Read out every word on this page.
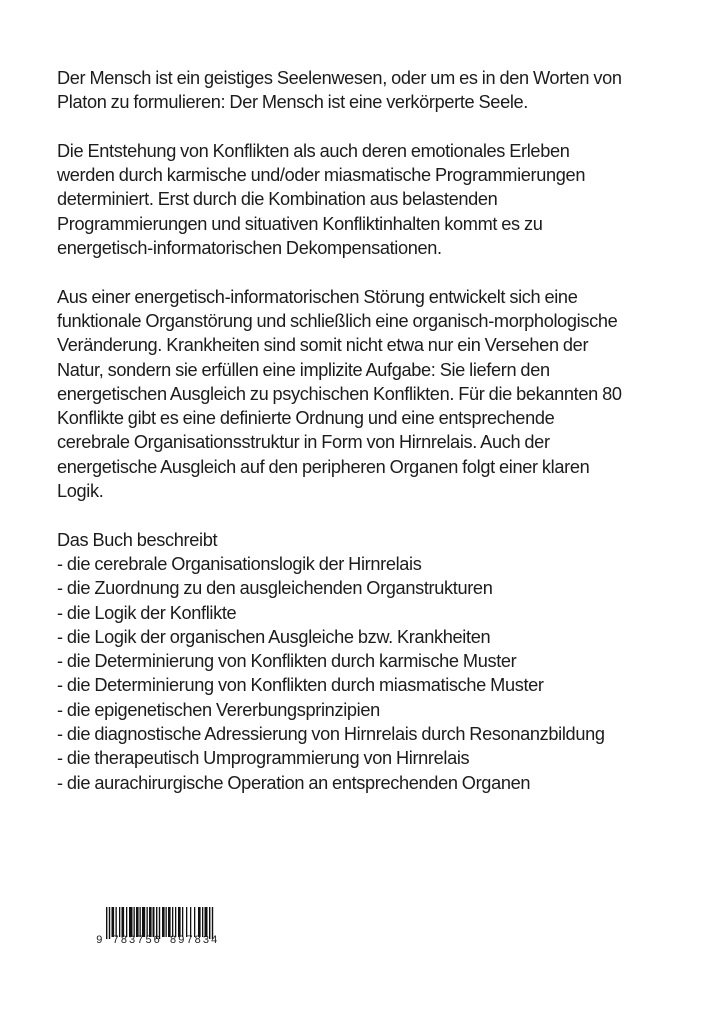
Der Mensch ist ein geistiges Seelenwesen, oder um es in den Worten von
Platon zu formulieren: Der Mensch ist eine verkörperte Seele.

Die Entstehung von Konflikten als auch deren emotionales Erleben
werden durch karmische und/oder miasmatische Programmierungen
determiniert. Erst durch die Kombination aus belastenden
Programmierungen und situativen Konfliktinhalten kommt es zu
energetisch-informatorischen Dekompensationen.

Aus einer energetisch-informatorischen Störung entwickelt sich eine
funktionale Organstörung und schließlich eine organisch-morphologische
Veränderung. Krankheiten sind somit nicht etwa nur ein Versehen der
Natur, sondern sie erfüllen eine implizite Aufgabe: Sie liefern den
energetischen Ausgleich zu psychischen Konflikten. Für die bekannten 80
Konflikte gibt es eine definierte Ordnung und eine entsprechende
cerebrale Organisationsstruktur in Form von Hirnrelais. Auch der
energetische Ausgleich auf den peripheren Organen folgt einer klaren
Logik.

Das Buch beschreibt
- die cerebrale Organisationslogik der Hirnrelais
- die Zuordnung zu den ausgleichenden Organstrukturen
- die Logik der Konflikte
- die Logik der organischen Ausgleiche bzw. Krankheiten
- die Determinierung von Konflikten durch karmische Muster
- die Determinierung von Konflikten durch miasmatische Muster
- die epigenetischen Vererbungsprinzipien
- die diagnostische Adressierung von Hirnrelais durch Resonanzbildung
- die therapeutisch Umprogrammierung von Hirnrelais
- die aurachirurgische Operation an entsprechenden Organen
9 783756 897834
